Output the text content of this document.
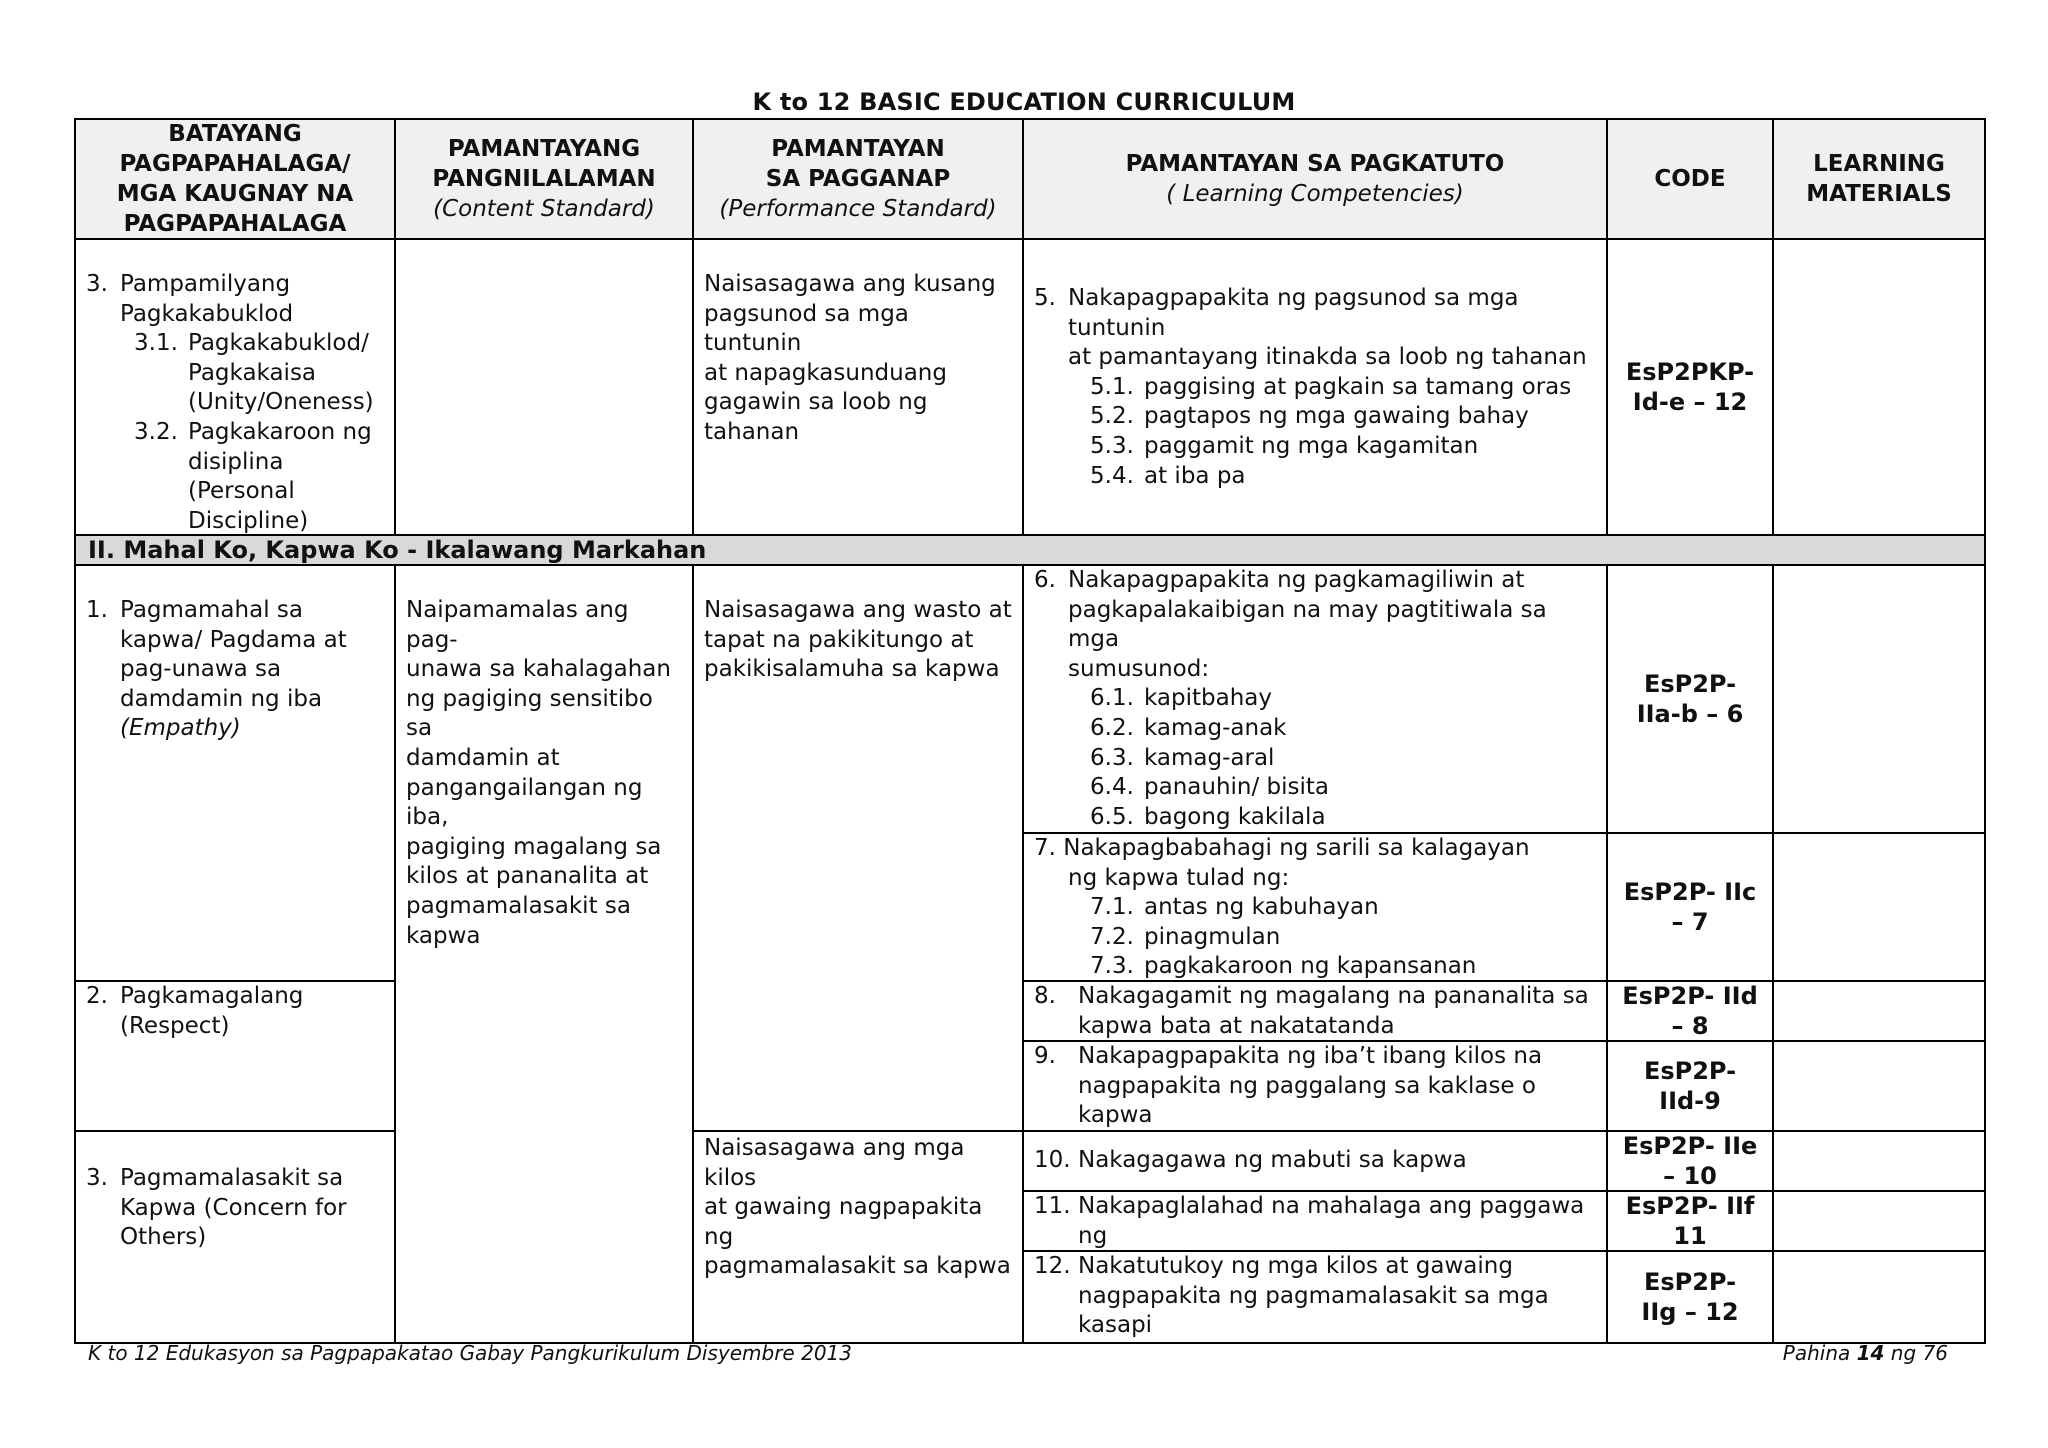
K to 12 BASIC EDUCATION CURRICULUM
BATAYANG
PAGPAPAHALAGA/
MGA KAUGNAY NA
PAGPAPAHALAGA
PAMANTAYANG
PANGNILALAMAN
(Content Standard)
PAMANTAYAN
SA PAGGANAP
(Performance Standard)
PAMANTAYAN SA PAGKATUTO
( Learning Competencies)
CODE
LEARNING
MATERIALS
3. Pampamilyang
Pagkakabuklod
3.1. Pagkakabuklod/
Pagkakaisa
(Unity/Oneness)
3.2. Pagkakaroon ng
disiplina
(Personal
Discipline)
Naisasagawa ang kusang
pagsunod sa mga tuntunin
at napagkasunduang
gagawin sa loob ng
tahanan
5. Nakapagpapakita ng pagsunod sa mga tuntunin
at pamantayang itinakda sa loob ng tahanan
5.1. paggising at pagkain sa tamang oras
5.2. pagtapos ng mga gawaing bahay
5.3. paggamit ng mga kagamitan
5.4. at iba pa
EsP2PKP-
Id-e – 12
II. Mahal Ko, Kapwa Ko - Ikalawang Markahan
1. Pagmamahal sa
kapwa/ Pagdama at
pag-unawa sa
damdamin ng iba
(Empathy)
2. Pagkamagalang
(Respect)
3. Pagmamalasakit sa
Kapwa (Concern for
Others)
Naipamamalas ang pag-
unawa sa kahalagahan
ng pagiging sensitibo sa
damdamin at
pangangailangan ng iba,
pagiging magalang sa
kilos at pananalita at
pagmamalasakit sa
kapwa
Naisasagawa ang wasto at
tapat na pakikitungo at
pakikisalamuha sa kapwa
Naisasagawa ang mga kilos
at gawaing nagpapakita ng
pagmamalasakit sa kapwa
6. Nakapagpapakita ng pagkamagiliwin at
pagkapalakaibigan na may pagtitiwala sa mga
sumusunod:
6.1. kapitbahay
6.2. kamag-anak
6.3. kamag-aral
6.4. panauhin/ bisita
6.5. bagong kakilala
EsP2P-
IIa-b – 6
7. Nakapagbabahagi ng sarili sa kalagayan
ng kapwa tulad ng:
7.1. antas ng kabuhayan
7.2. pinagmulan
7.3. pagkakaroon ng kapansanan
EsP2P- IIc
– 7
8. Nakagagamit ng magalang na pananalita sa
kapwa bata at nakatatanda
EsP2P- IId
– 8
9. Nakapagpapakita ng iba’t ibang kilos na
nagpapakita ng paggalang sa kaklase o kapwa

EsP2P-
IId-9
10. Nakagagawa ng mabuti sa kapwa	EsP2P- IIe
– 10
11. Nakapaglalahad na mahalaga ang paggawa ng

EsP2P- IIf
11
12. Nakatutukoy ng mga kilos at gawaing
nagpapakita ng pagmamalasakit sa mga kasapi

EsP2P-
IIg – 12
K to 12 Edukasyon sa Pagpapakatao Gabay Pangkurikulum Disyembre 2013	Pahina 14 ng 76
